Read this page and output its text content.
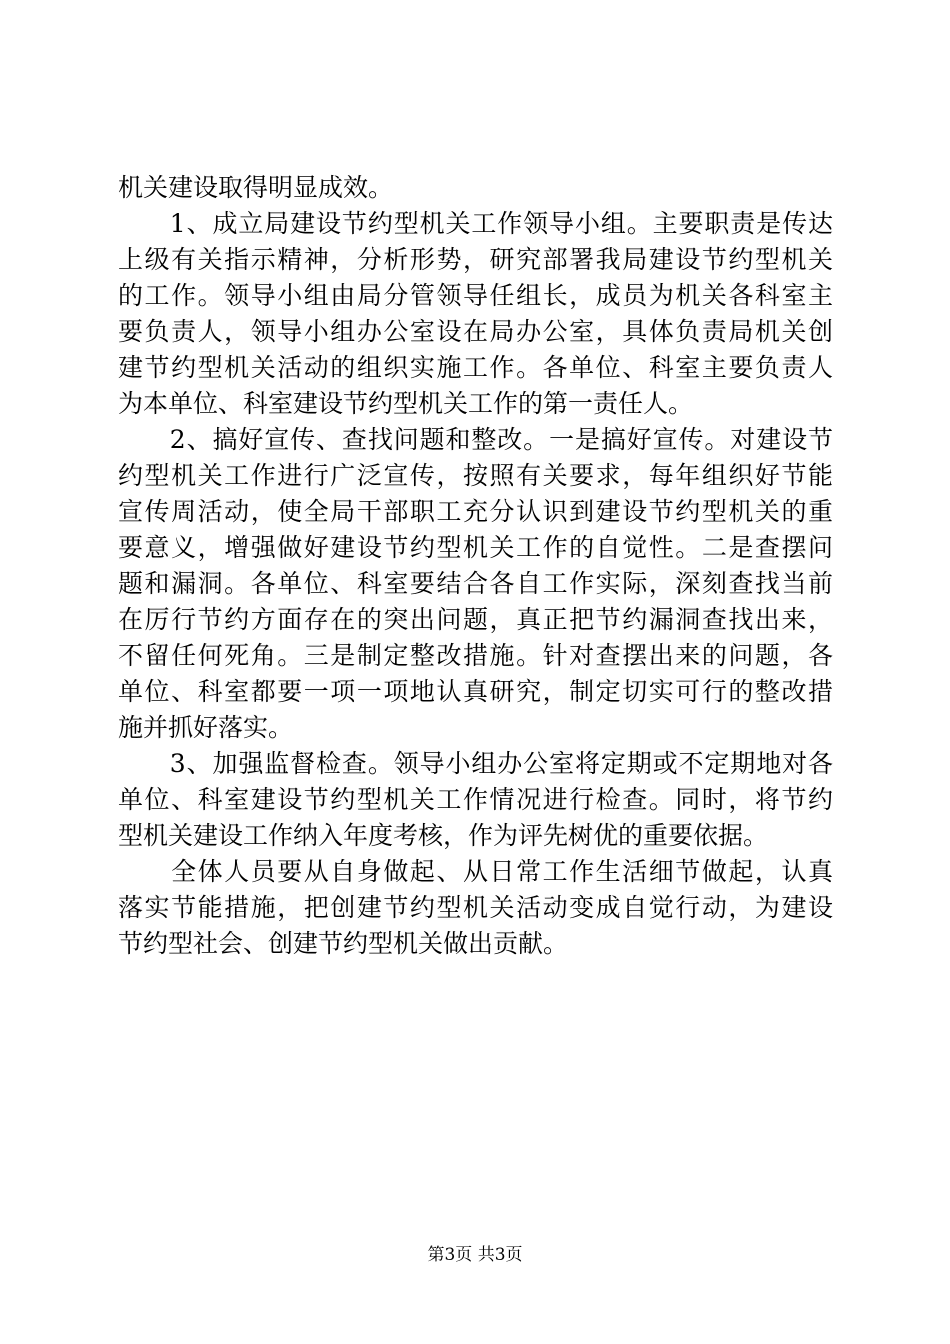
机关建设取得明显成效。
　　1、成立局建设节约型机关工作领导小组。主要职责是传达
上级有关指示精神，分析形势，研究部署我局建设节约型机关
的工作。领导小组由局分管领导任组长，成员为机关各科室主
要负责人，领导小组办公室设在局办公室，具体负责局机关创
建节约型机关活动的组织实施工作。各单位、科室主要负责人
为本单位、科室建设节约型机关工作的第一责任人。
　　2、搞好宣传、查找问题和整改。一是搞好宣传。对建设节
约型机关工作进行广泛宣传，按照有关要求，每年组织好节能
宣传周活动，使全局干部职工充分认识到建设节约型机关的重
要意义，增强做好建设节约型机关工作的自觉性。二是查摆问
题和漏洞。各单位、科室要结合各自工作实际，深刻查找当前
在厉行节约方面存在的突出问题，真正把节约漏洞查找出来，
不留任何死角。三是制定整改措施。针对查摆出来的问题，各
单位、科室都要一项一项地认真研究，制定切实可行的整改措
施并抓好落实。
　　3、加强监督检查。领导小组办公室将定期或不定期地对各
单位、科室建设节约型机关工作情况进行检查。同时，将节约
型机关建设工作纳入年度考核，作为评先树优的重要依据。
　　全体人员要从自身做起、从日常工作生活细节做起，认真
落实节能措施，把创建节约型机关活动变成自觉行动，为建设
节约型社会、创建节约型机关做出贡献。
第3页 共3页
